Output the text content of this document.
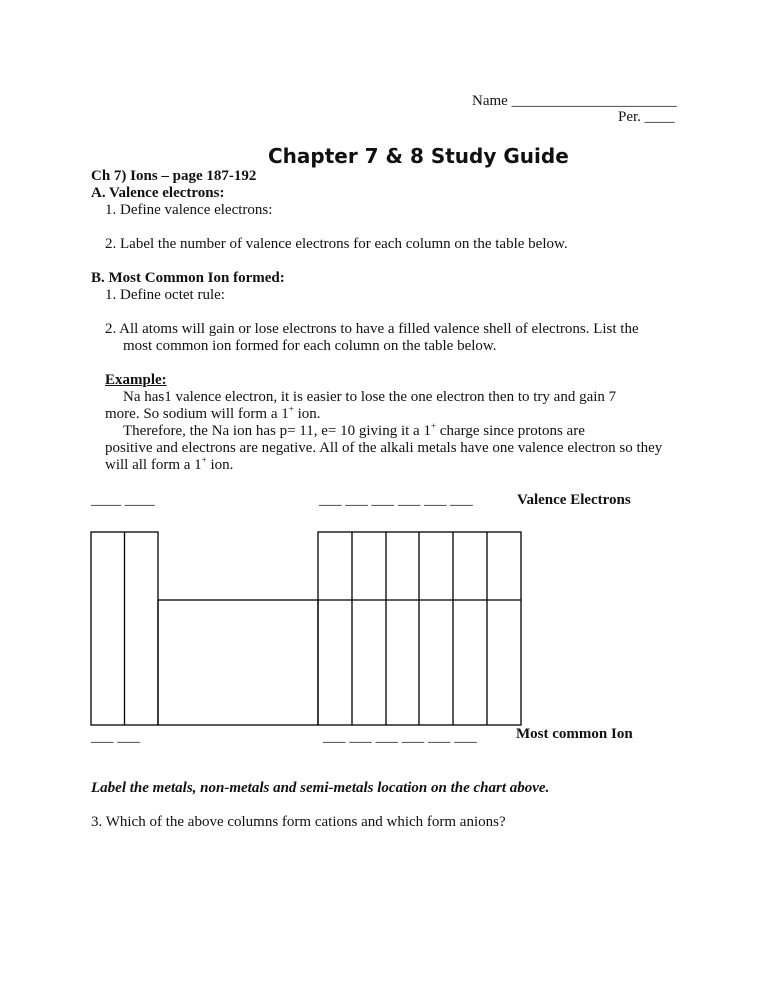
Name ______________________
Per. ____
Chapter 7 & 8 Study Guide
Ch 7) Ions – page 187-192
A. Valence electrons:
1. Define valence electrons:
2. Label the number of valence electrons for each column on the table below.
B. Most Common Ion formed:
1. Define octet rule:
2. All atoms will gain or lose electrons to have a filled valence shell of electrons. List the
most common ion formed for each column on the table below.
Example:
Na has1 valence electron, it is easier to lose the one electron then to try and gain 7
more. So sodium will form a 1+ ion.
Therefore, the Na ion has p= 11, e= 10 giving it a 1+ charge since protons are
positive and electrons are negative. All of the alkali metals have one valence electron so they
will all form a 1+ ion.
____ ____	___ ___ ___ ___ ___ ___	Valence Electrons
___ ___	___ ___ ___ ___ ___ ___	Most common Ion
Label the metals, non-metals and semi-metals location on the chart above.
3. Which of the above columns form cations and which form anions?
